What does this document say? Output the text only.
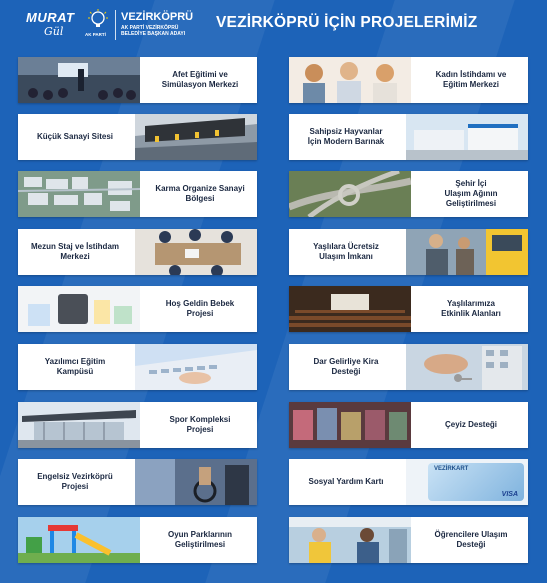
MURAT
Gül	AK PARTİ
VEZİRKÖPRÜ
AK PARTİ VEZİRKÖPRÜ
BELEDİYE BAŞKAN ADAYI
VEZİRKÖPRÜ İÇİN PROJELERİMİZ
Afet Eğitimi ve
Simülasyon Merkezi
Küçük Sanayi Sitesi
Karma Organize Sanayi
Bölgesi
Mezun Staj ve İstihdam
Merkezi
Hoş Geldin Bebek
Projesi
Yazılımcı Eğitim
Kampüsü
Spor Kompleksi
Projesi
Engelsiz Vezirköprü
Projesi
Oyun Parklarının
Geliştirilmesi
Kadın İstihdamı ve
Eğitim Merkezi
Sahipsiz Hayvanlar
İçin Modern Barınak
Şehir İçi
Ulaşım Ağının
Geliştirilmesi
Yaşlılara Ücretsiz
Ulaşım İmkanı
Yaşlılarımıza
Etkinlik Alanları
Dar Gelirliye Kira
Desteği
Çeyiz Desteği
Sosyal Yardım Kartı
VEZİRKART
VISA
Öğrencilere Ulaşım
Desteği
